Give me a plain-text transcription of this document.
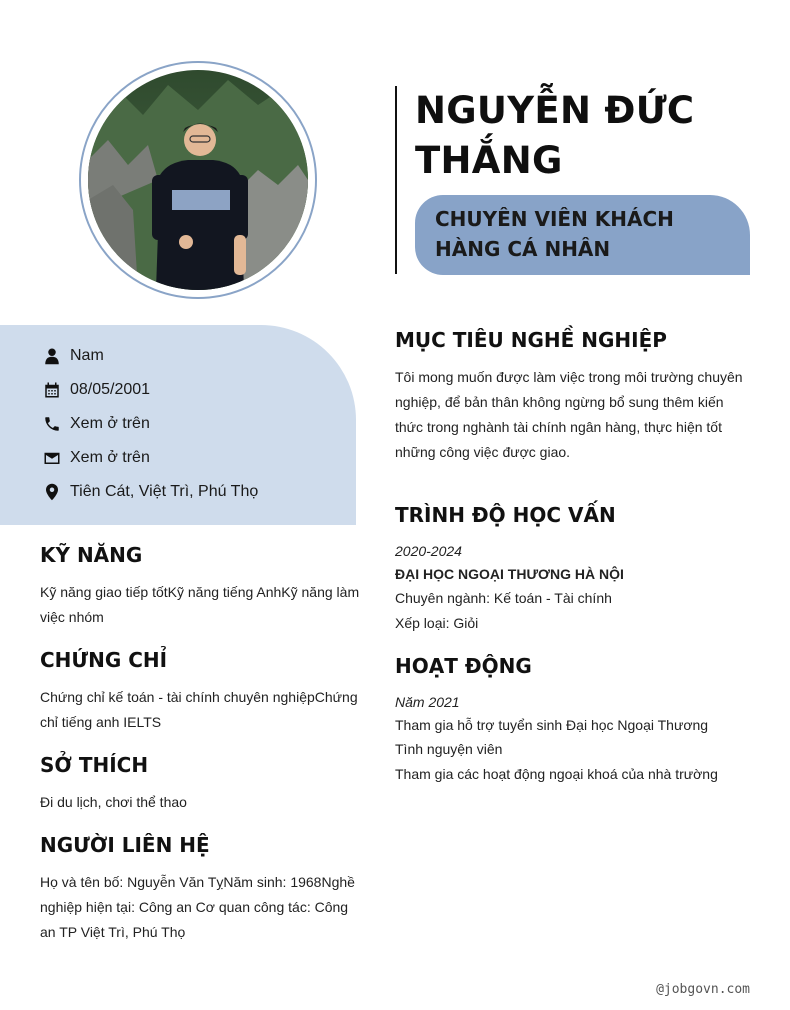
NGUYỄN ĐỨC THẮNG
CHUYÊN VIÊN KHÁCH HÀNG CÁ NHÂN
Nam
08/05/2001
Xem ở trên
Xem ở trên
Tiên Cát, Việt Trì, Phú Thọ
KỸ NĂNG
Kỹ năng giao tiếp tốtKỹ năng tiếng AnhKỹ năng làm việc nhóm
CHỨNG CHỈ
Chứng chỉ kế toán - tài chính chuyên nghiệpChứng chỉ tiếng anh IELTS
SỞ THÍCH
Đi du lịch, chơi thể thao
NGƯỜI LIÊN HỆ
Họ và tên bố: Nguyễn Văn TỵNăm sinh: 1968Nghề nghiệp hiện tại: Công an Cơ quan công tác: Công an TP Việt Trì, Phú Thọ
MỤC TIÊU NGHỀ NGHIỆP
Tôi mong muốn được làm việc trong môi trường chuyên nghiệp, để bản thân không ngừng bổ sung thêm kiến thức trong nghành tài chính ngân hàng, thực hiện tốt những công việc được giao.
TRÌNH ĐỘ HỌC VẤN
2020-2024
ĐẠI HỌC NGOẠI THƯƠNG HÀ NỘI
Chuyên ngành: Kế toán - Tài chính
Xếp loại: Giỏi
HOẠT ĐỘNG
Năm 2021
Tham gia hỗ trợ tuyển sinh Đại học Ngoại Thương
Tình nguyện viên
Tham gia các hoạt động ngoại khoá của nhà trường
@jobgovn.com
